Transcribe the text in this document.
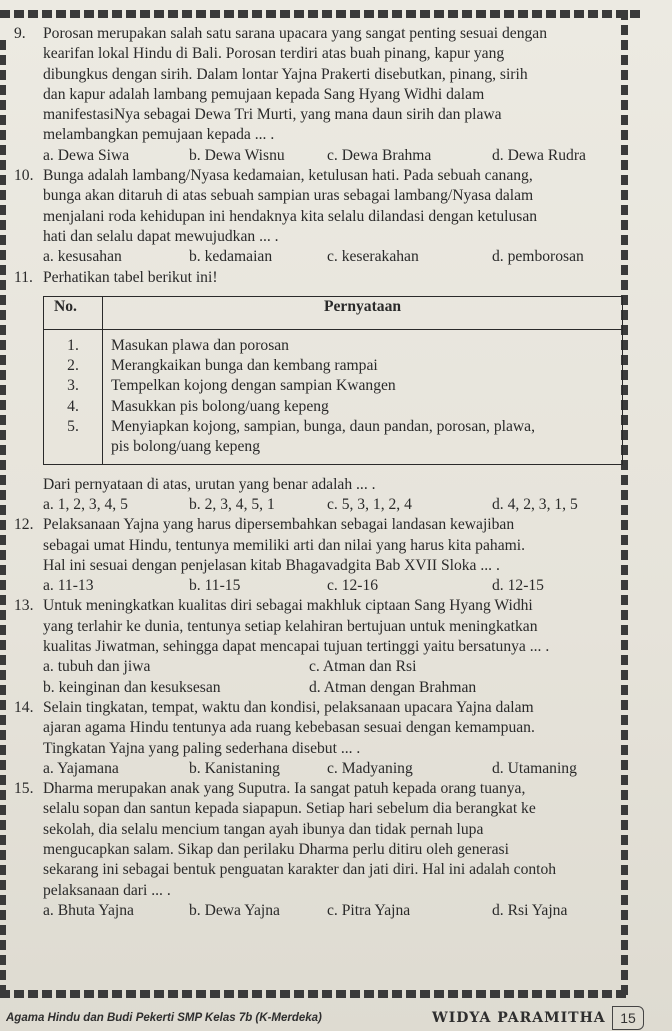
9.	Porosan merupakan salah satu sarana upacara yang sangat penting sesuai dengan
kearifan lokal Hindu di Bali. Porosan terdiri atas buah pinang, kapur yang
dibungkus dengan sirih. Dalam lontar Yajna Prakerti disebutkan, pinang, sirih
dan kapur adalah lambang pemujaan kepada Sang Hyang Widhi dalam
manifestasiNya sebagai Dewa Tri Murti, yang mana daun sirih dan plawa
melambangkan pemujaan kepada ... .
a. Dewa Siwa	b. Dewa Wisnu	c. Dewa Brahma	d. Dewa Rudra
10. Bunga adalah lambang/Nyasa kedamaian, ketulusan hati. Pada sebuah canang,
bunga akan ditaruh di atas sebuah sampian uras sebagai lambang/Nyasa dalam
menjalani roda kehidupan ini hendaknya kita selalu dilandasi dengan ketulusan
hati dan selalu dapat mewujudkan ... .
a. kesusahan	b. kedamaian	c. keserakahan	d. pemborosan
11. Perhatikan tabel berikut ini!
No.	Pernyataan
1.	Masukan plawa dan porosan
2.	Merangkaikan bunga dan kembang rampai
3.	Tempelkan kojong dengan sampian Kwangen
4.	Masukkan pis bolong/uang kepeng
5.	Menyiapkan kojong, sampian, bunga, daun pandan, porosan, plawa,
pis bolong/uang kepeng
Dari pernyataan di atas, urutan yang benar adalah ... .
a. 1, 2, 3, 4, 5	b. 2, 3, 4, 5, 1	c. 5, 3, 1, 2, 4	d. 4, 2, 3, 1, 5
12. Pelaksanaan Yajna yang harus dipersembahkan sebagai landasan kewajiban
sebagai umat Hindu, tentunya memiliki arti dan nilai yang harus kita pahami.
Hal ini sesuai dengan penjelasan kitab Bhagavadgita Bab XVII Sloka ... .
a. 11-13	b. 11-15	c. 12-16	d. 12-15
13. Untuk meningkatkan kualitas diri sebagai makhluk ciptaan Sang Hyang Widhi
yang terlahir ke dunia, tentunya setiap kelahiran bertujuan untuk meningkatkan
kualitas Jiwatman, sehingga dapat mencapai tujuan tertinggi yaitu bersatunya ... .
a. tubuh dan jiwa	c. Atman dan Rsi
b. keinginan dan kesuksesan	d. Atman dengan Brahman
14. Selain tingkatan, tempat, waktu dan kondisi, pelaksanaan upacara Yajna dalam
ajaran agama Hindu tentunya ada ruang kebebasan sesuai dengan kemampuan.
Tingkatan Yajna yang paling sederhana disebut ... .
a. Yajamana	b. Kanistaning	c. Madyaning	d. Utamaning
15. Dharma merupakan anak yang Suputra. Ia sangat patuh kepada orang tuanya,
selalu sopan dan santun kepada siapapun. Setiap hari sebelum dia berangkat ke
sekolah, dia selalu mencium tangan ayah ibunya dan tidak pernah lupa
mengucapkan salam. Sikap dan perilaku Dharma perlu ditiru oleh generasi
sekarang ini sebagai bentuk penguatan karakter dan jati diri. Hal ini adalah contoh
pelaksanaan dari ... .
a. Bhuta Yajna	b. Dewa Yajna	c. Pitra Yajna	d. Rsi Yajna
Agama Hindu dan Budi Pekerti SMP Kelas 7b (K-Merdeka)	WIDYA PARAMITHA	15
